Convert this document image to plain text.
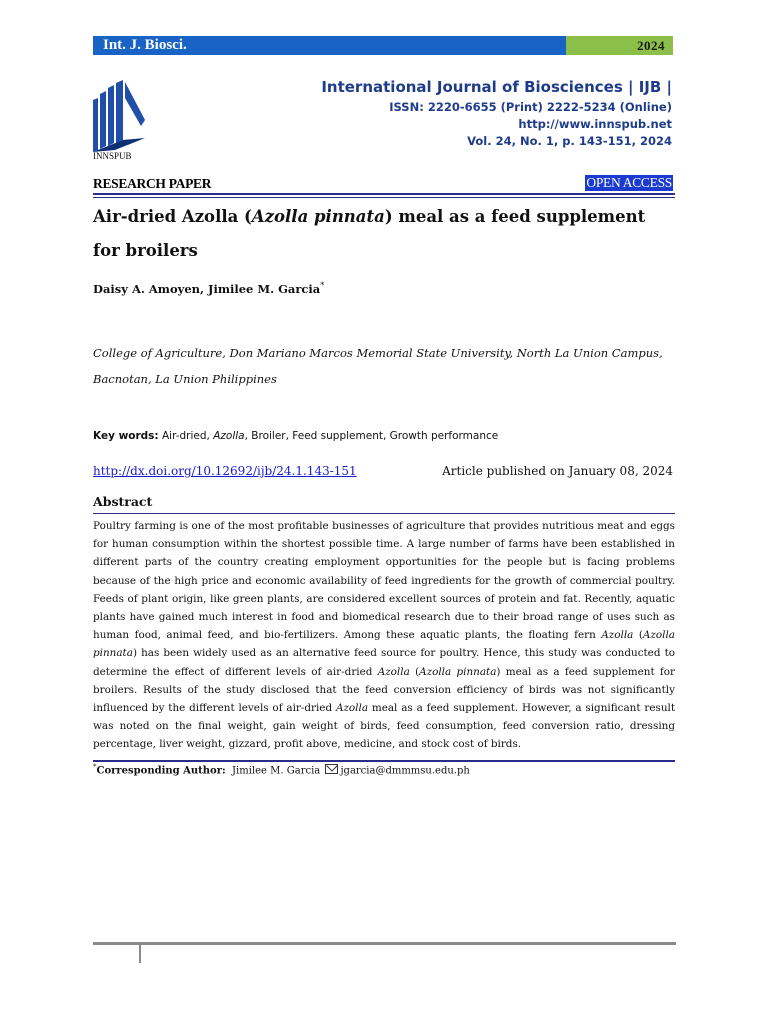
Int. J. Biosci.	2024
INNSPUB
International Journal of Biosciences | IJB |
ISSN: 2220-6655 (Print) 2222-5234 (Online)
http://www.innspub.net
Vol. 24, No. 1, p. 143-151, 2024
RESEARCH PAPER	OPEN ACCESS
Air-dried Azolla (Azolla pinnata) meal as a feed supplement for broilers
Daisy A. Amoyen, Jimilee M. Garcia*
College of Agriculture, Don Mariano Marcos Memorial State University, North La Union Campus, Bacnotan, La Union Philippines
Key words: Air-dried, Azolla, Broiler, Feed supplement, Growth performance
http://dx.doi.org/10.12692/ijb/24.1.143-151	Article published on January 08, 2024
Abstract
Poultry farming is one of the most profitable businesses of agriculture that provides nutritious meat and eggs for human consumption within the shortest possible time. A large number of farms have been established in different parts of the country creating employment opportunities for the people but is facing problems because of the high price and economic availability of feed ingredients for the growth of commercial poultry. Feeds of plant origin, like green plants, are considered excellent sources of protein and fat. Recently, aquatic plants have gained much interest in food and biomedical research due to their broad range of uses such as human food, animal feed, and bio-fertilizers. Among these aquatic plants, the floating fern Azolla (Azolla pinnata) has been widely used as an alternative feed source for poultry. Hence, this study was conducted to determine the effect of different levels of air-dried Azolla (Azolla pinnata) meal as a feed supplement for broilers. Results of the study disclosed that the feed conversion efficiency of birds was not significantly influenced by the different levels of air-dried Azolla meal as a feed supplement. However, a significant result was noted on the final weight, gain weight of birds, feed consumption, feed conversion ratio, dressing percentage, liver weight, gizzard, profit above, medicine, and stock cost of birds.
*Corresponding Author: Jimilee M. Garcia jgarcia@dmmmsu.edu.ph
